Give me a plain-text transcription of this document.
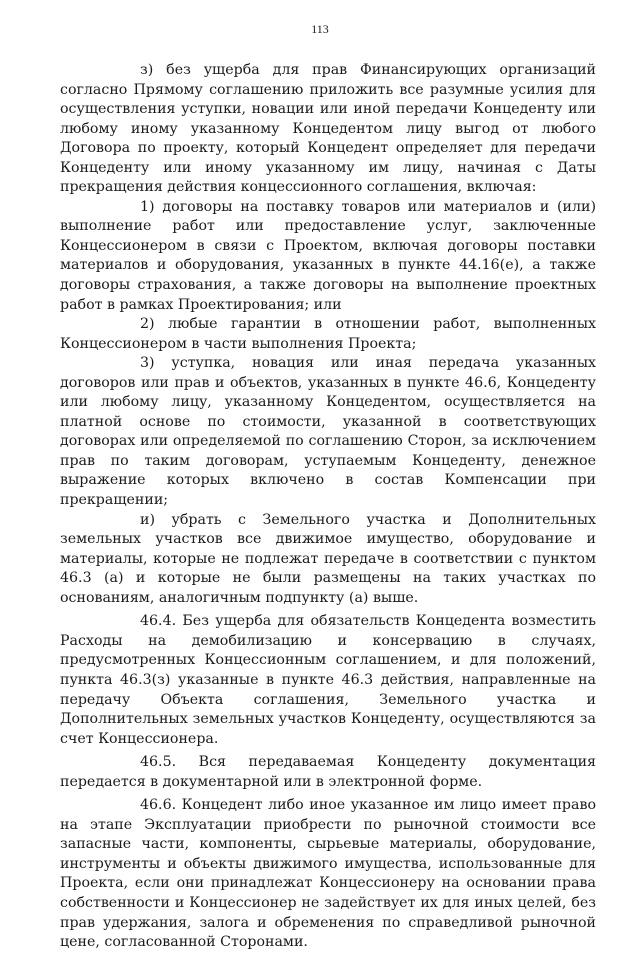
113

з) без ущерба для прав Финансирующих организаций согласно Прямому соглашению приложить все разумные усилия для осуществления уступки, новации или иной передачи Концеденту или любому иному указанному Концедентом лицу выгод от любого Договора по проекту, который Концедент определяет для передачи Концеденту или иному указанному им лицу, начиная с Даты прекращения действия концессионного соглашения, включая:

1) договоры на поставку товаров или материалов и (или) выполнение работ или предоставление услуг, заключенные Концессионером в связи с Проектом, включая договоры поставки материалов и оборудования, указанных в пункте 44.16(е), а также договоры страхования, а также договоры на выполнение проектных работ в рамках Проектирования; или

2) любые гарантии в отношении работ, выполненных Концессионером в части выполнения Проекта;

3) уступка, новация или иная передача указанных договоров или прав и объектов, указанных в пункте 46.6, Концеденту или любому лицу, указанному Концедентом, осуществляется на платной основе по стоимости, указанной в соответствующих договорах или определяемой по соглашению Сторон, за исключением прав по таким договорам, уступаемым Концеденту, денежное выражение которых включено в состав Компенсации при прекращении;

и) убрать с Земельного участка и Дополнительных земельных участков все движимое имущество, оборудование и материалы, которые не подлежат передаче в соответствии с пунктом 46.3 (а) и которые не были размещены на таких участках по основаниям, аналогичным подпункту (а) выше.

46.4. Без ущерба для обязательств Концедента возместить Расходы на демобилизацию и консервацию в случаях, предусмотренных Концессионным соглашением, и для положений, пункта 46.3(з) указанные в пункте 46.3 действия, направленные на передачу Объекта соглашения, Земельного участка и Дополнительных земельных участков Концеденту, осуществляются за счет Концессионера.

46.5. Вся передаваемая Концеденту документация передается в документарной или в электронной форме.

46.6. Концедент либо иное указанное им лицо имеет право на этапе Эксплуатации приобрести по рыночной стоимости все запасные части, компоненты, сырьевые материалы, оборудование, инструменты и объекты движимого имущества, использованные для Проекта, если они принадлежат Концессионеру на основании права собственности и Концессионер не задействует их для иных целей, без прав удержания, залога и обременения по справедливой рыночной цене, согласованной Сторонами.
